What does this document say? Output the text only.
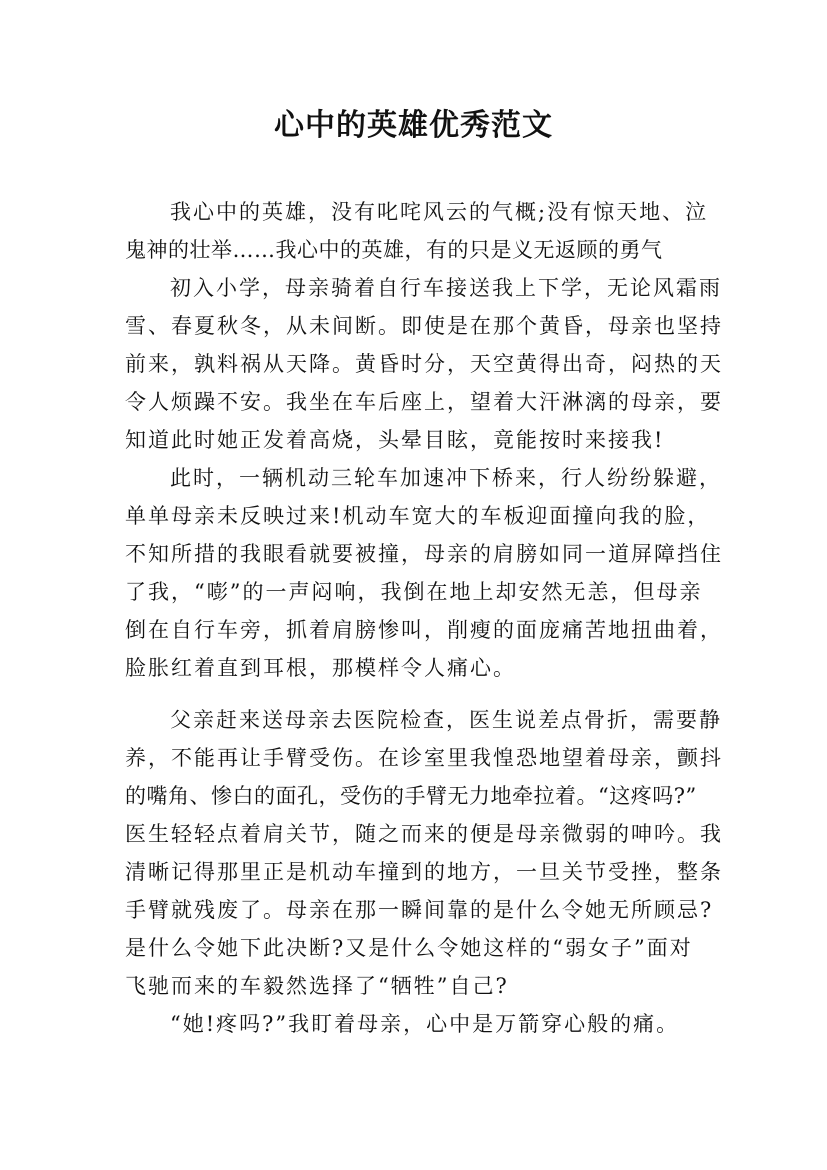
心中的英雄优秀范文
我心中的英雄，没有叱咤风云的气概;没有惊天地、泣
鬼神的壮举……我心中的英雄，有的只是义无返顾的勇气
初入小学，母亲骑着自行车接送我上下学，无论风霜雨
雪、春夏秋冬，从未间断。即使是在那个黄昏，母亲也坚持
前来，孰料祸从天降。黄昏时分，天空黄得出奇，闷热的天
令人烦躁不安。我坐在车后座上，望着大汗淋漓的母亲，要
知道此时她正发着高烧，头晕目眩，竟能按时来接我!
此时，一辆机动三轮车加速冲下桥来，行人纷纷躲避，
单单母亲未反映过来!机动车宽大的车板迎面撞向我的脸，
不知所措的我眼看就要被撞，母亲的肩膀如同一道屏障挡住
了我，“嘭”的一声闷响，我倒在地上却安然无恙，但母亲
倒在自行车旁，抓着肩膀惨叫，削瘦的面庞痛苦地扭曲着，
脸胀红着直到耳根，那模样令人痛心。
父亲赶来送母亲去医院检查，医生说差点骨折，需要静
养，不能再让手臂受伤。在诊室里我惶恐地望着母亲，颤抖
的嘴角、惨白的面孔，受伤的手臂无力地牵拉着。“这疼吗?”
医生轻轻点着肩关节，随之而来的便是母亲微弱的呻吟。我
清晰记得那里正是机动车撞到的地方，一旦关节受挫，整条
手臂就残废了。母亲在那一瞬间靠的是什么令她无所顾忌?
是什么令她下此决断?又是什么令她这样的“弱女子”面对
飞驰而来的车毅然选择了“牺牲”自己?
“她!疼吗?”我盯着母亲，心中是万箭穿心般的痛。
